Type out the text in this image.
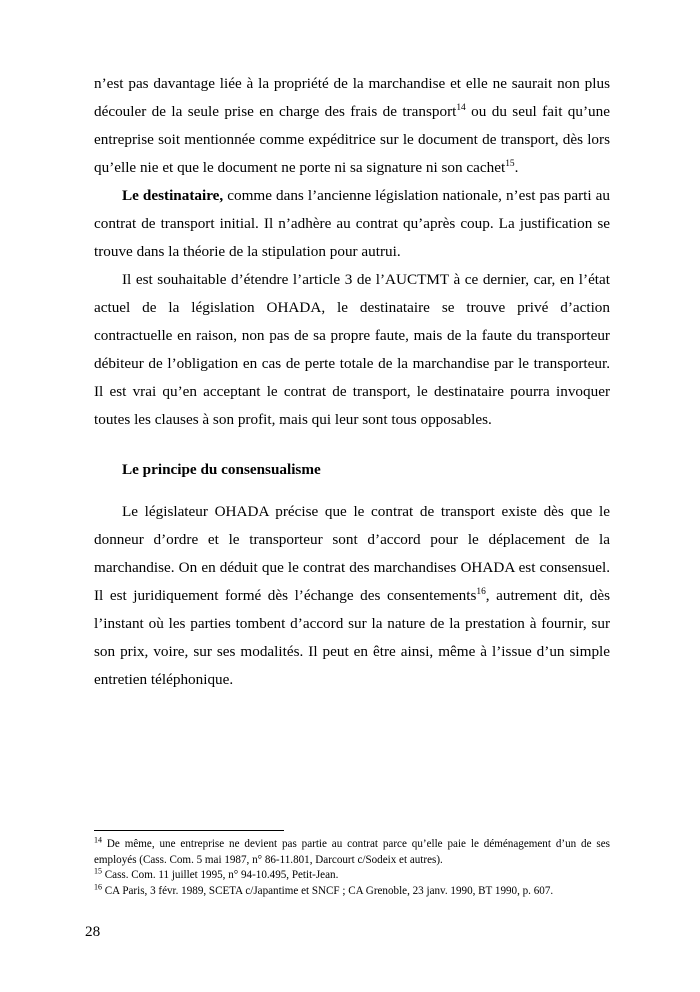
n’est pas davantage liée à la propriété de la marchandise et elle ne saurait non plus découler de la seule prise en charge des frais de transport$^{14}$ ou du seul fait qu’une entreprise soit mentionnée comme expéditrice sur le document de transport, dès lors qu’elle nie et que le document ne porte ni sa signature ni son cachet$^{15}$.

Le destinataire, comme dans l’ancienne législation nationale, n’est pas parti au contrat de transport initial. Il n’adhère au contrat qu’après coup. La justification se trouve dans la théorie de la stipulation pour autrui.

Il est souhaitable d’étendre l’article 3 de l’AUCTMT à ce dernier, car, en l’état actuel de la législation OHADA, le destinataire se trouve privé d’action contractuelle en raison, non pas de sa propre faute, mais de la faute du transporteur débiteur de l’obligation en cas de perte totale de la marchandise par le transporteur. Il est vrai qu’en acceptant le contrat de transport, le destinataire pourra invoquer toutes les clauses à son profit, mais qui leur sont tous opposables.

Le principe du consensualisme

Le législateur OHADA précise que le contrat de transport existe dès que le donneur d’ordre et le transporteur sont d’accord pour le déplacement de la marchandise. On en déduit que le contrat des marchandises OHADA est consensuel. Il est juridiquement formé dès l’échange des consentements$^{16}$, autrement dit, dès l’instant où les parties tombent d’accord sur la nature de la prestation à fournir, sur son prix, voire, sur ses modalités. Il peut en être ainsi, même à l’issue d’un simple entretien téléphonique.

$^{14}$ De même, une entreprise ne devient pas partie au contrat parce qu’elle paie le déménagement d’un de ses employés (Cass. Com. 5 mai 1987, n° 86-11.801, Darcourt c/Sodeix et autres).

$^{15}$ Cass. Com. 11 juillet 1995, n° 94-10.495, Petit-Jean.

$^{16}$ CA Paris, 3 févr. 1989, SCETA c/Japantime et SNCF ; CA Grenoble, 23 janv. 1990, BT 1990, p. 607.

28
